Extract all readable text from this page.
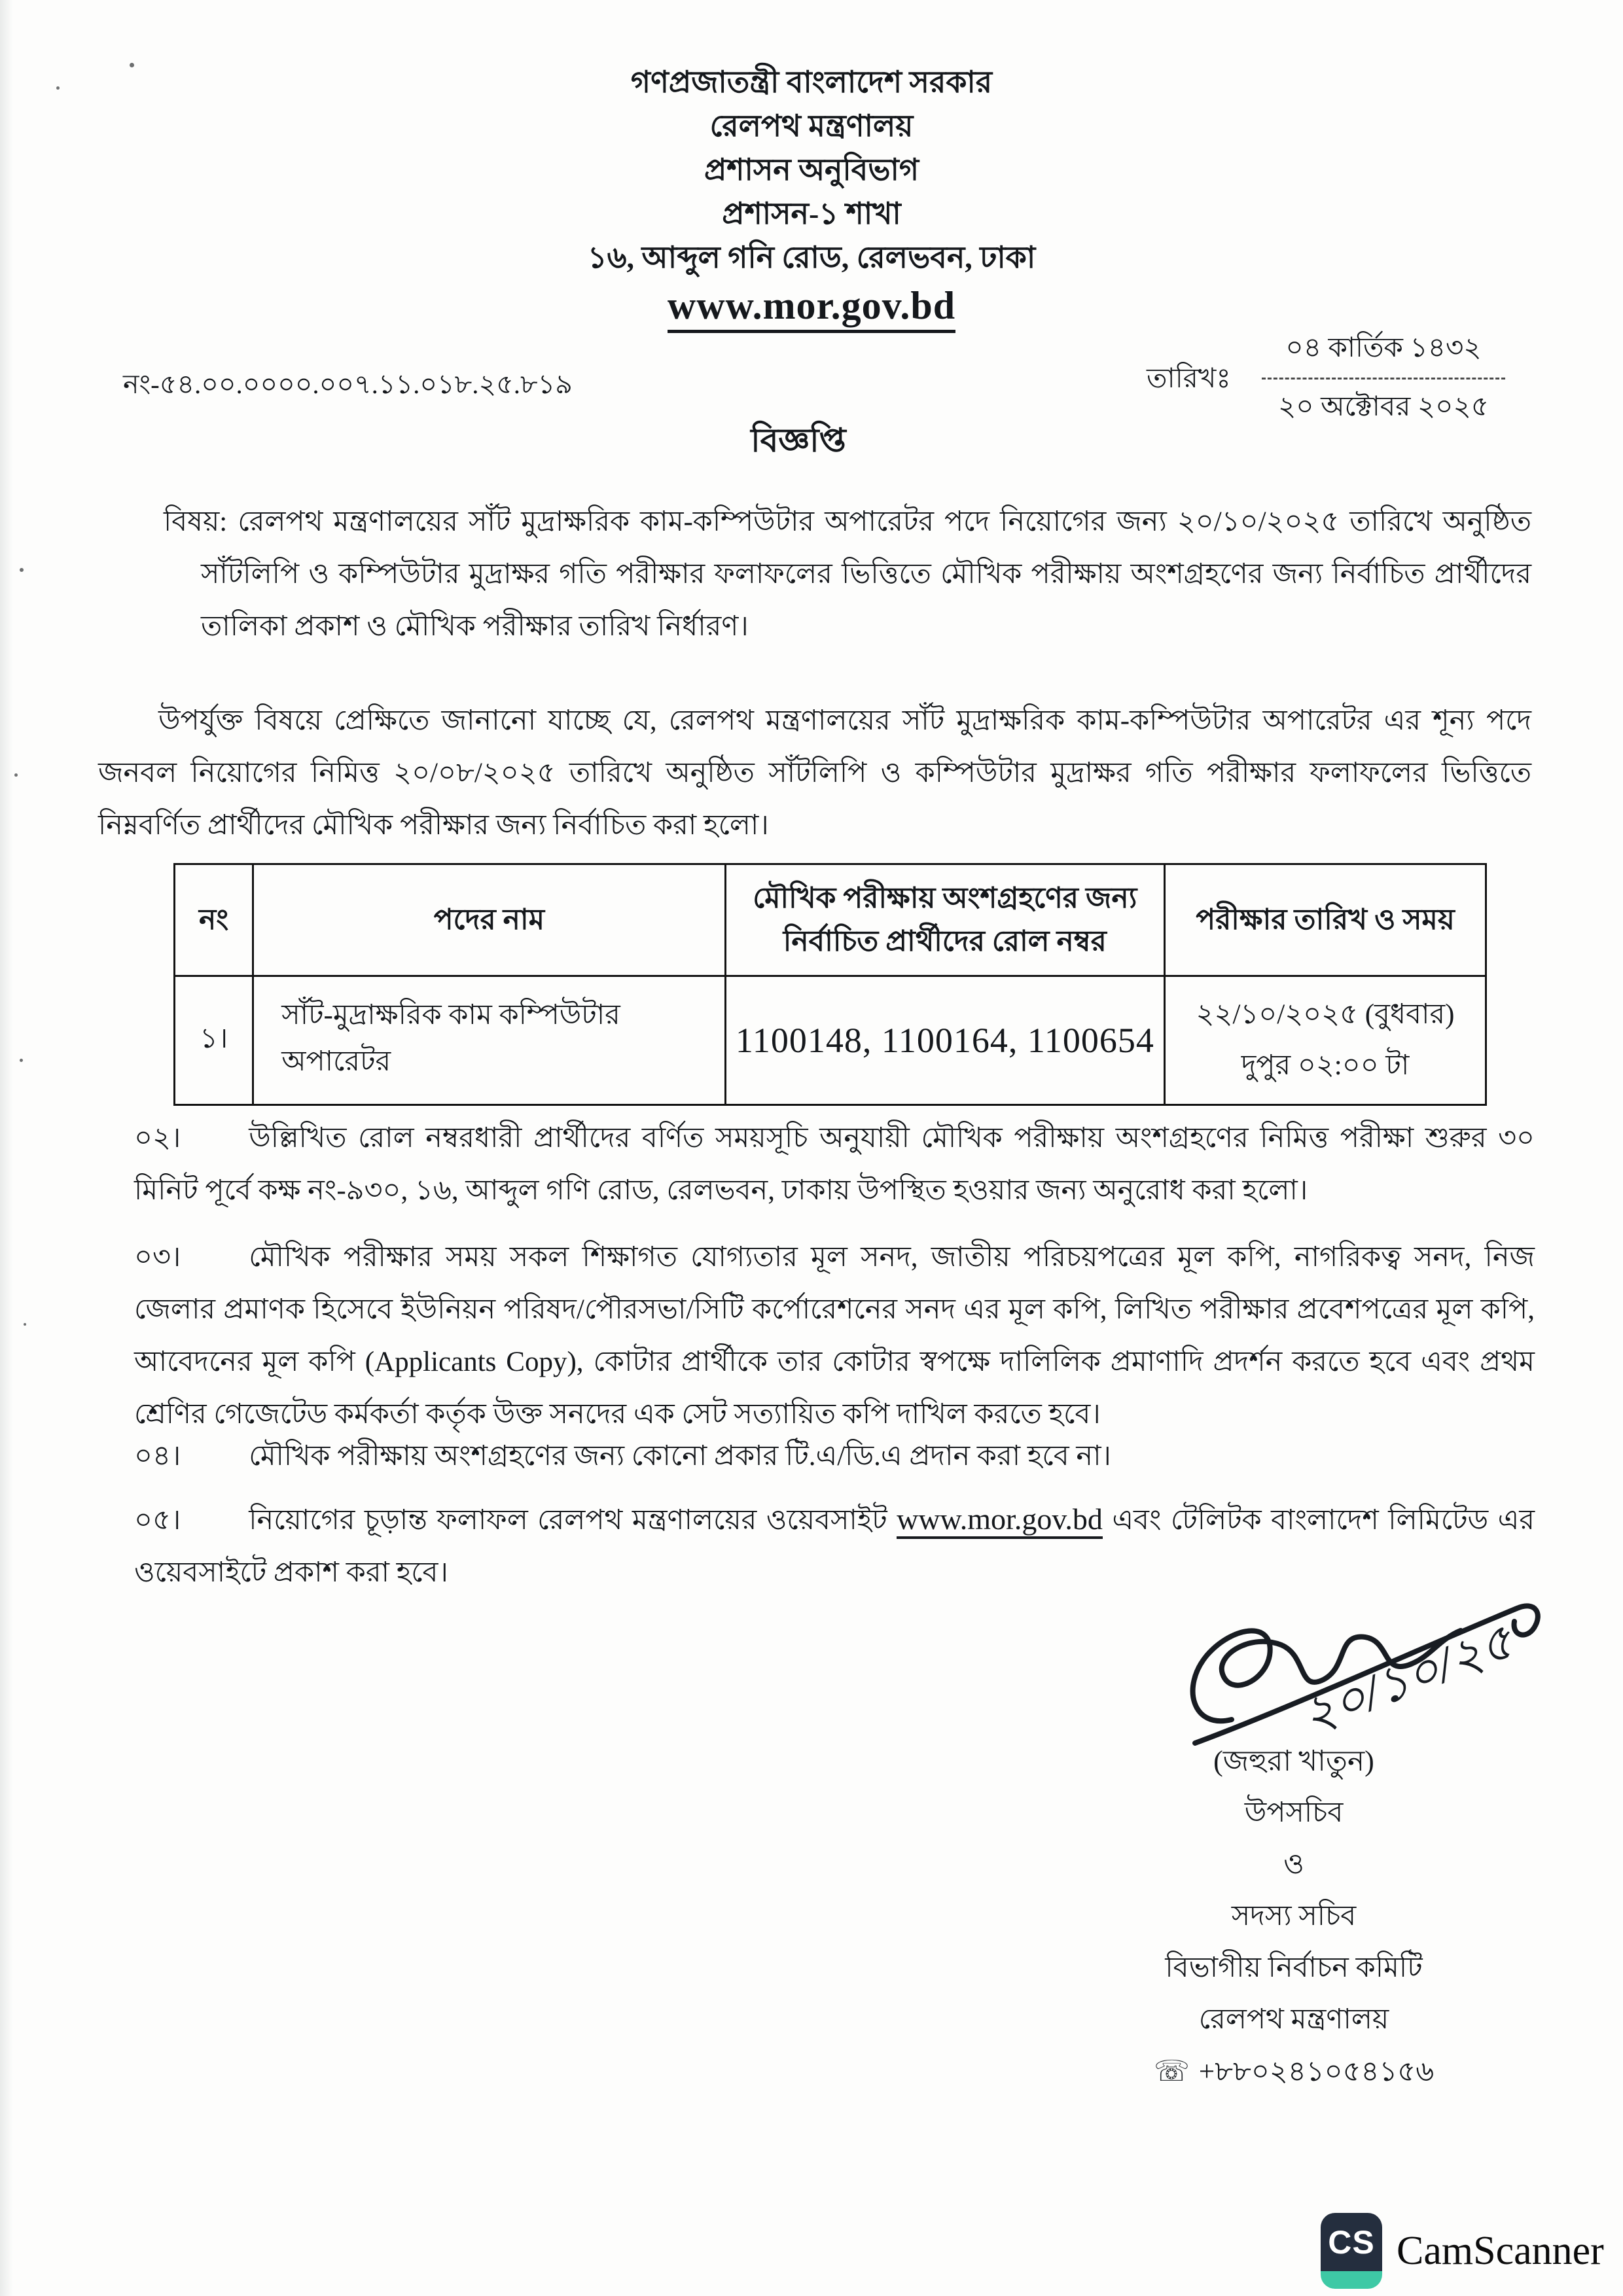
গণপ্রজাতন্ত্রী বাংলাদেশ সরকার
রেলপথ মন্ত্রণালয়
প্রশাসন অনুবিভাগ
প্রশাসন-১ শাখা
১৬, আব্দুল গনি রোড, রেলভবন, ঢাকা
www.mor.gov.bd
নং-৫৪.০০.০০০০.০০৭.১১.০১৮.২৫.৮১৯	তারিখঃ
০৪ কার্তিক ১৪৩২
২০ অক্টোবর ২০২৫
বিজ্ঞপ্তি
বিষয়: রেলপথ মন্ত্রণালয়ের সাঁট মুদ্রাক্ষরিক কাম-কম্পিউটার অপারেটর পদে নিয়োগের জন্য ২০/১০/২০২৫ তারিখে অনুষ্ঠিত সাঁটলিপি ও কম্পিউটার মুদ্রাক্ষর গতি পরীক্ষার ফলাফলের ভিত্তিতে মৌখিক পরীক্ষায় অংশগ্রহণের জন্য নির্বাচিত প্রার্থীদের তালিকা প্রকাশ ও মৌখিক পরীক্ষার তারিখ নির্ধারণ।
উপর্যুক্ত বিষয়ে প্রেক্ষিতে জানানো যাচ্ছে যে, রেলপথ মন্ত্রণালয়ের সাঁট মুদ্রাক্ষরিক কাম-কম্পিউটার অপারেটর এর শূন্য পদে জনবল নিয়োগের নিমিত্ত ২০/০৮/২০২৫ তারিখে অনুষ্ঠিত সাঁটলিপি ও কম্পিউটার মুদ্রাক্ষর গতি পরীক্ষার ফলাফলের ভিত্তিতে নিম্নবর্ণিত প্রার্থীদের মৌখিক পরীক্ষার জন্য নির্বাচিত করা হলো।
নং	পদের নাম	মৌখিক পরীক্ষায় অংশগ্রহণের জন্য নির্বাচিত প্রার্থীদের রোল নম্বর	পরীক্ষার তারিখ ও সময়
১।	সাঁট-মুদ্রাক্ষরিক কাম কম্পিউটার অপারেটর	1100148, 1100164, 1100654	২২/১০/২০২৫ (বুধবার)
দুপুর ০২:০০ টা

০২। উল্লিখিত রোল নম্বরধারী প্রার্থীদের বর্ণিত সময়সূচি অনুযায়ী মৌখিক পরীক্ষায় অংশগ্রহণের নিমিত্ত পরীক্ষা শুরুর ৩০ মিনিট পূর্বে কক্ষ নং-৯৩০, ১৬, আব্দুল গণি রোড, রেলভবন, ঢাকায় উপস্থিত হওয়ার জন্য অনুরোধ করা হলো।

০৩। মৌখিক পরীক্ষার সময় সকল শিক্ষাগত যোগ্যতার মূল সনদ, জাতীয় পরিচয়পত্রের মূল কপি, নাগরিকত্ব সনদ, নিজ জেলার প্রমাণক হিসেবে ইউনিয়ন পরিষদ/পৌরসভা/সিটি কর্পোরেশনের সনদ এর মূল কপি, লিখিত পরীক্ষার প্রবেশপত্রের মূল কপি, আবেদনের মূল কপি (Applicants Copy), কোটার প্রার্থীকে তার কোটার স্বপক্ষে দালিলিক প্রমাণাদি প্রদর্শন করতে হবে এবং প্রথম শ্রেণির গেজেটেড কর্মকর্তা কর্তৃক উক্ত সনদের এক সেট সত্যায়িত কপি দাখিল করতে হবে।

০৪। মৌখিক পরীক্ষায় অংশগ্রহণের জন্য কোনো প্রকার টি.এ/ডি.এ প্রদান করা হবে না।

০৫। নিয়োগের চূড়ান্ত ফলাফল রেলপথ মন্ত্রণালয়ের ওয়েবসাইট www.mor.gov.bd এবং টেলিটক বাংলাদেশ লিমিটেড এর ওয়েবসাইটে প্রকাশ করা হবে।

২০/১০/২৫
(জহুরা খাতুন)
উপসচিব
ও
সদস্য সচিব
বিভাগীয় নির্বাচন কমিটি
রেলপথ মন্ত্রণালয়
☏ +৮৮০২৪১০৫৪১৫৬
CS CamScanner
